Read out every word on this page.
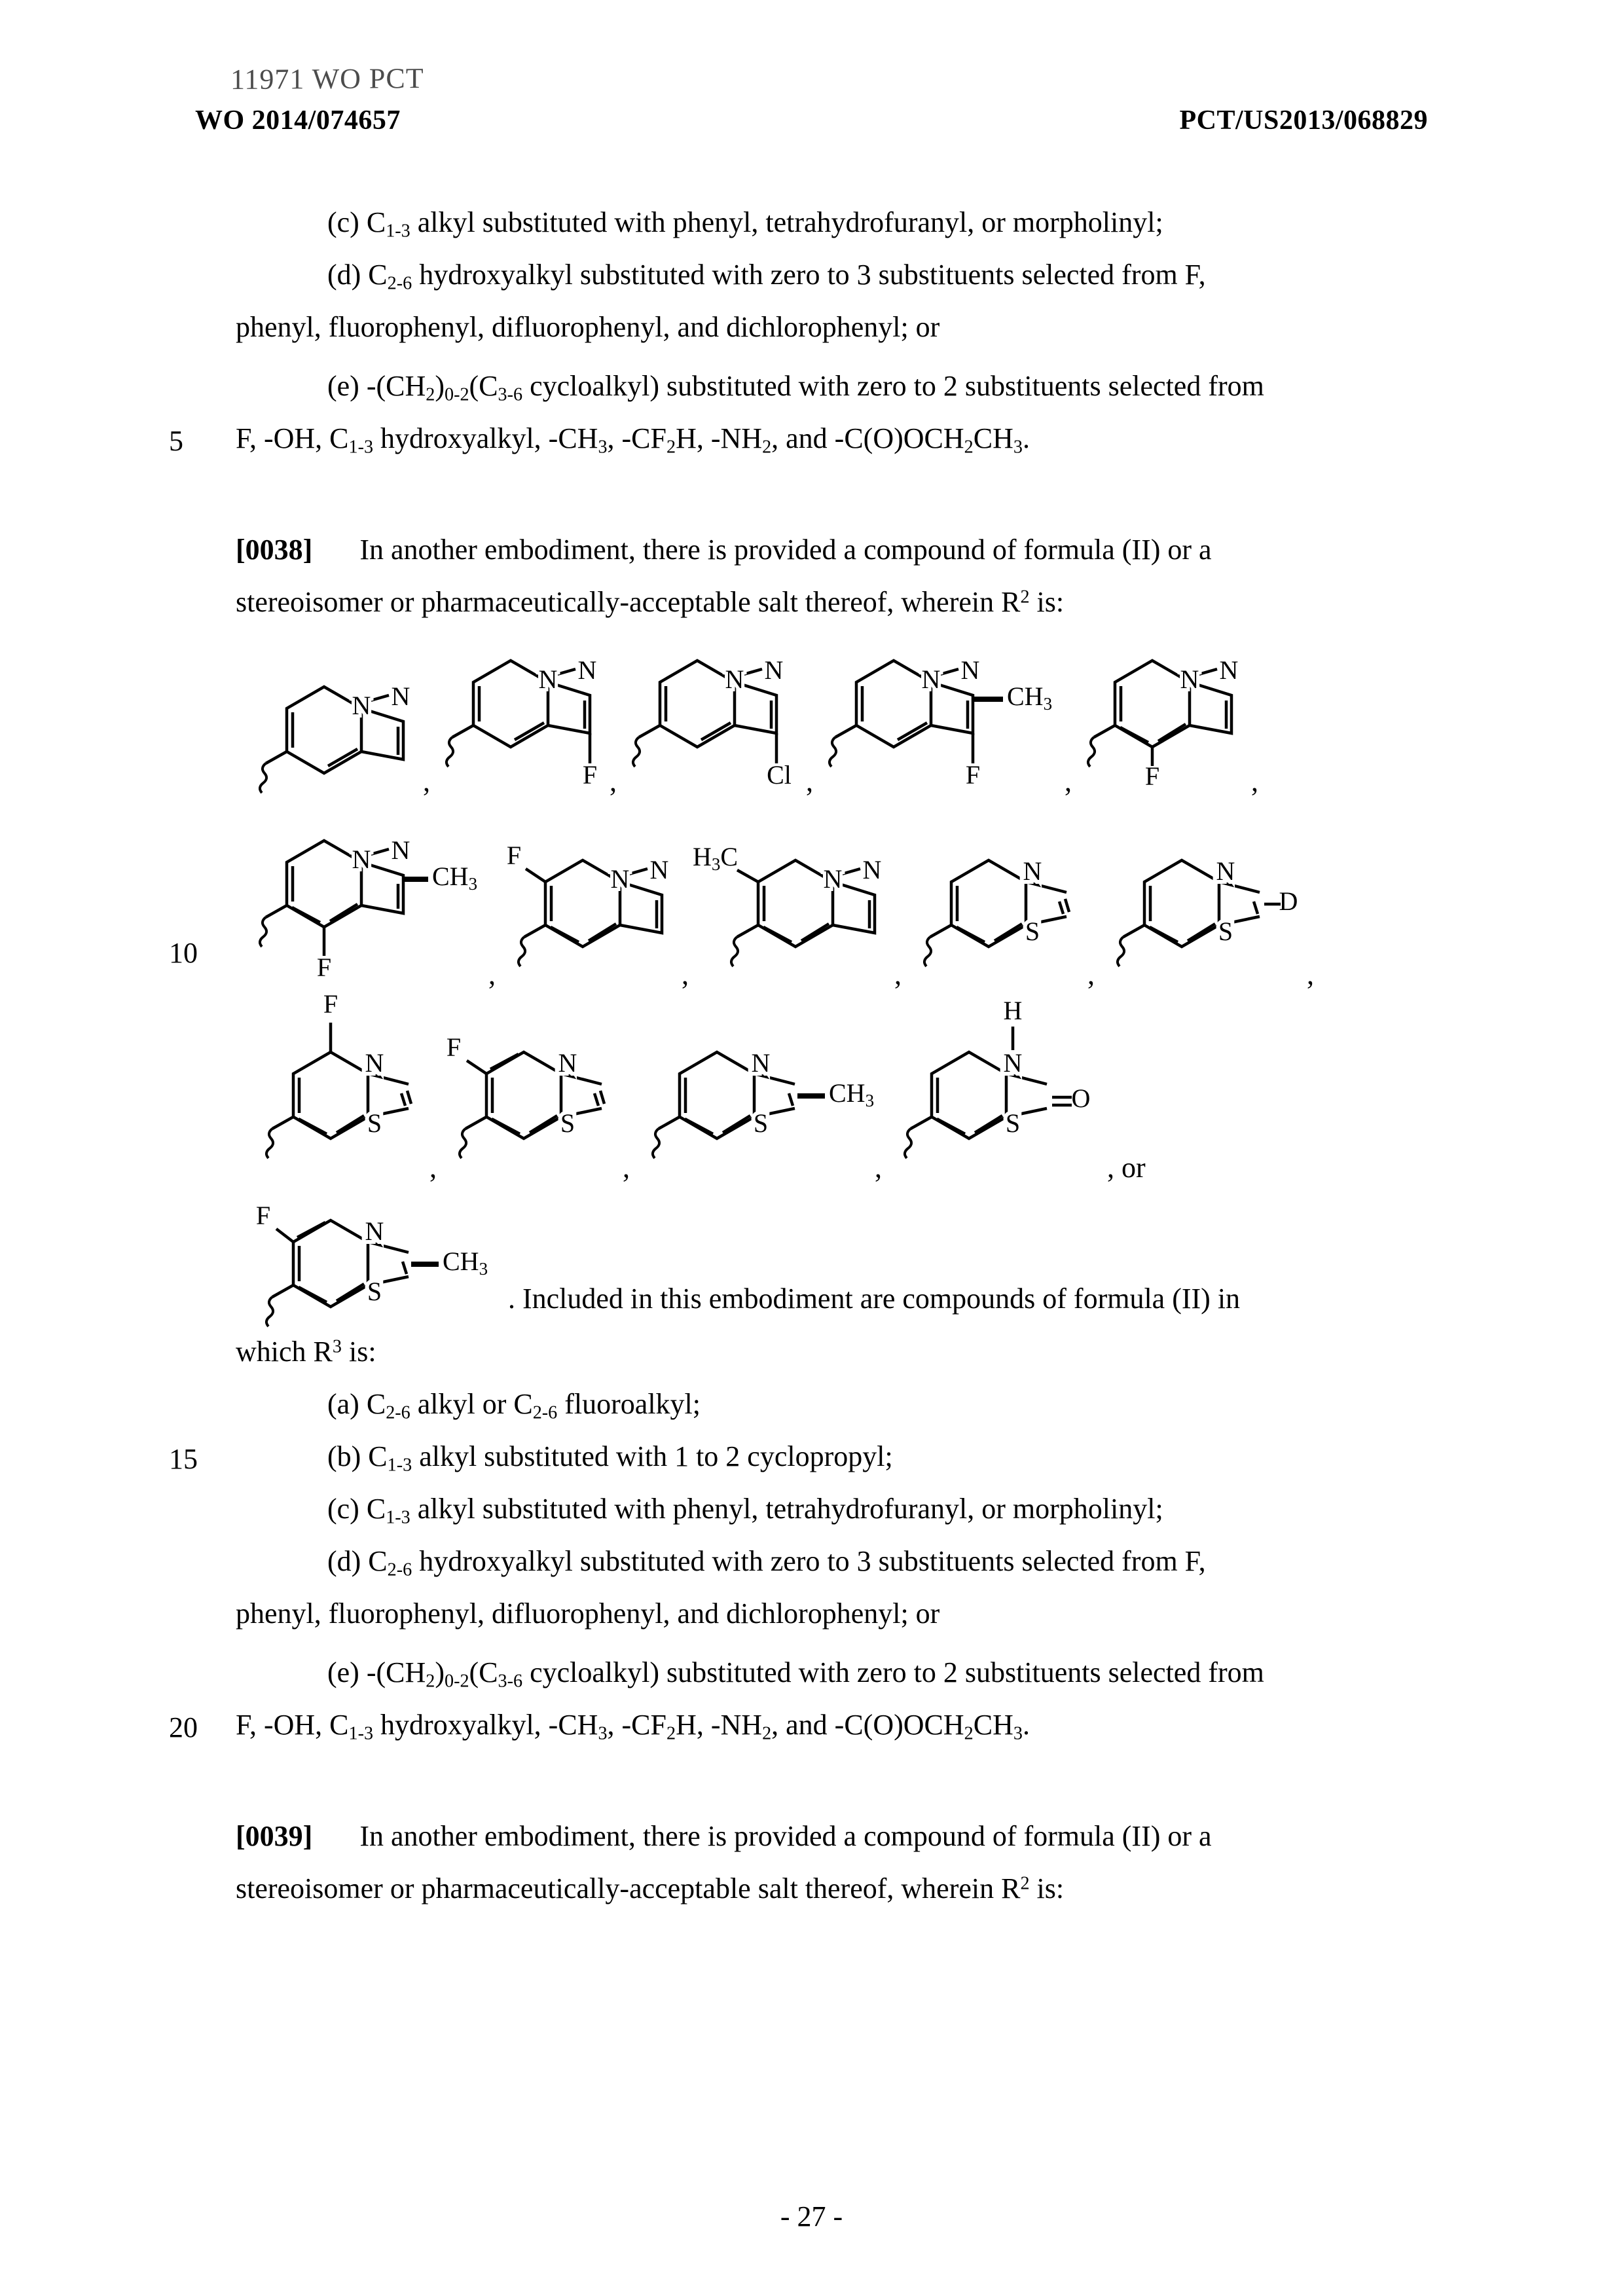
11971 WO PCT
WO 2014/074657	PCT/US2013/068829
(c) $C_{1-3}$ alkyl substituted with phenyl, tetrahydrofuranyl, or morpholinyl;
(d) $C_{2-6}$ hydroxyalkyl substituted with zero to 3 substituents selected from F,
phenyl, fluorophenyl, difluorophenyl, and dichlorophenyl; or
(e) $-(CH_2)_{0-2}(C_{3-6}$ cycloalkyl) substituted with zero to 2 substituents selected from
5 F, -OH, $C_{1-3}$ hydroxyalkyl, $-CH_3$, $-CF_2H$, $-NH_2$, and $-C(O)OCH_2CH_3$.
[0038] In another embodiment, there is provided a compound of formula (II) or a
stereoisomer or pharmaceutically-acceptable salt thereof, wherein $R^2$ is:
N N
,
N N
F ,
N N
Cl ,
N N
F
$CH_3$
,
N N
F	,
10
N N
F
$CH_3$
,
N N
F
,
N N
$H_3C$
,
N
S
,
N
S
D
,
N
S
F
,
N
S
F
,
N
S
$CH_3$
,
N
H
S
O
, or
N
S
F
$CH_3$
. Included in this embodiment are compounds of formula (II) in
which $R^3$ is:
(a) $C_{2-6}$ alkyl or $C_{2-6}$ fluoroalkyl;
15	(b) $C_{1-3}$ alkyl substituted with 1 to 2 cyclopropyl;
(c) $C_{1-3}$ alkyl substituted with phenyl, tetrahydrofuranyl, or morpholinyl;
(d) $C_{2-6}$ hydroxyalkyl substituted with zero to 3 substituents selected from F,
phenyl, fluorophenyl, difluorophenyl, and dichlorophenyl; or
(e) $-(CH_2)_{0-2}(C_{3-6}$ cycloalkyl) substituted with zero to 2 substituents selected from
20 F, -OH, $C_{1-3}$ hydroxyalkyl, $-CH_3$, $-CF_2H$, $-NH_2$, and $-C(O)OCH_2CH_3$.
[0039] In another embodiment, there is provided a compound of formula (II) or a
stereoisomer or pharmaceutically-acceptable salt thereof, wherein $R^2$ is:
- 27 -
